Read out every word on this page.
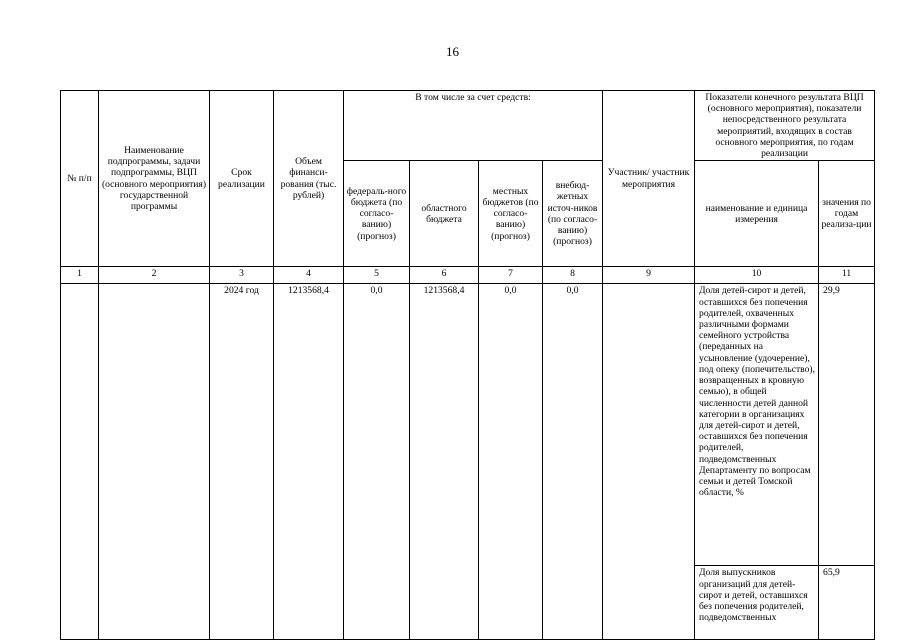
16
№ п/п	Наименование подпрограммы, задачи подпрограммы, ВЦП (основного мероприятия) государственной программы	Срок реализации	Объем финанси-рования (тыс. рублей)	В том числе за счет средств:				Участник/ участник мероприятия	Показатели конечного результата ВЦП (основного мероприятия), показатели непосредственного результата мероприятий, входящих в состав основного мероприятия, по годам реализации	
				федераль-ного бюджета (по согласо-ванию) (прогноз)	областного бюджета	местных бюджетов (по согласо-ванию) (прогноз)	внебюд-жетных источ-ников (по согласо-ванию) (прогноз)		наименование и единица измерения	значения по годам реализа-ции
1	2	3	4	5	6	7	8	9	10	11
		2024 год	1213568,4	0,0	1213568,4	0,0	0,0		Доля детей-сирот и детей, оставшихся без попечения родителей, охваченных различными формами семейного устройства (переданных на усыновление (удочерение), под опеку (попечительство), возвращенных в кровную семью), в общей численности детей данной категории в организациях для детей-сирот и детей, оставшихся без попечения родителей, подведомственных Департаменту по вопросам семьи и детей Томской области, %	29,9
									Доля выпускников организаций для детей-сирот и детей, оставшихся без попечения родителей, подведомственных	65,9
